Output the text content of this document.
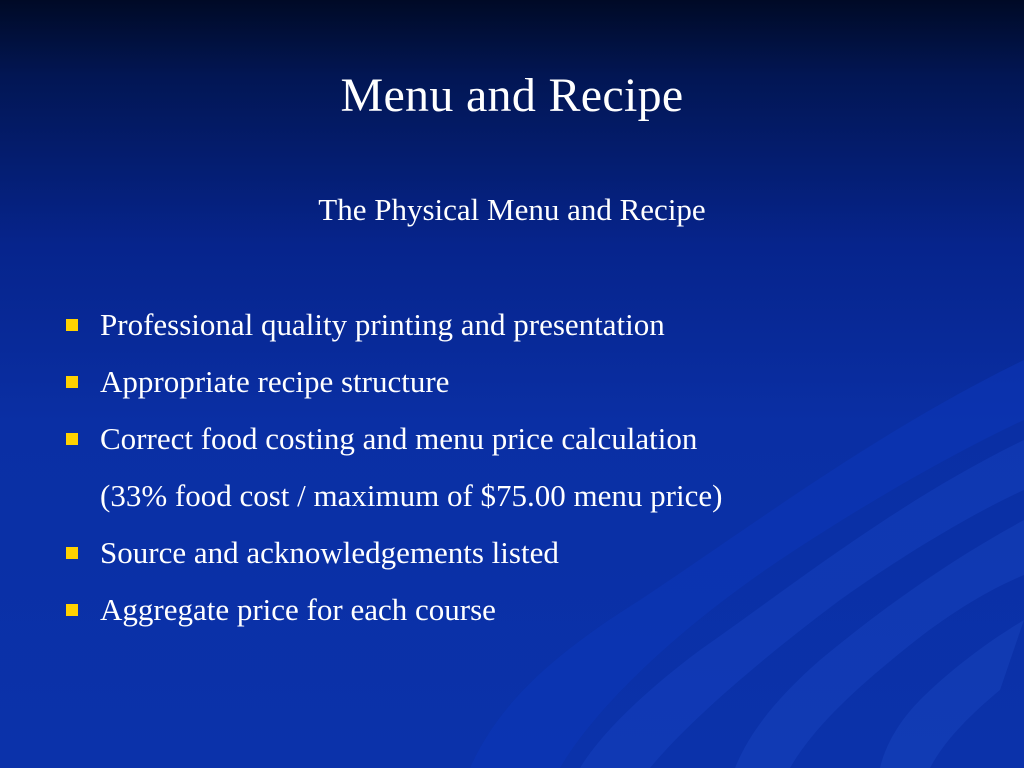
Menu and Recipe
The Physical Menu and Recipe
Professional quality printing and presentation
Appropriate recipe structure
Correct food costing and menu price calculation
(33% food cost / maximum of $75.00 menu price)
Source and acknowledgements listed
Aggregate price for each course
